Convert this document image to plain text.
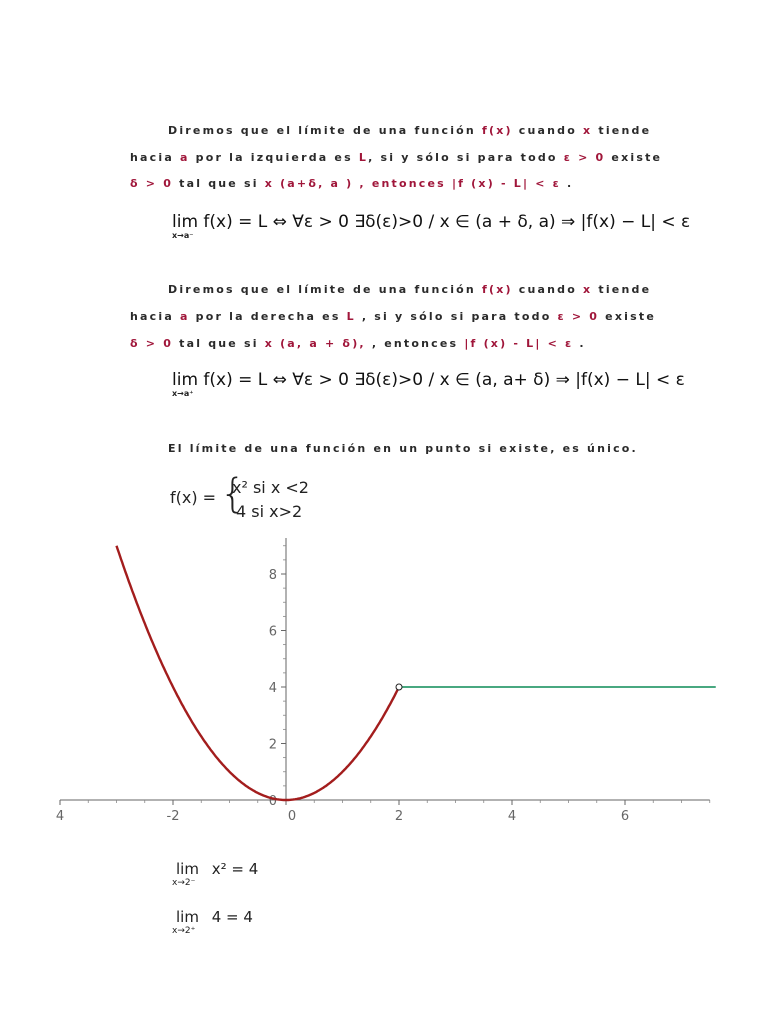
Diremos que el límite de una función f(x) cuando x tiende
hacia a por la izquierda es L, si y sólo si para todo ε > 0 existe
δ > 0 tal que si x (a+δ, a ) , entonces |f (x) - L| < ε .
lim f(x) = L ⇔ ∀ε > 0 ∃δ(ε)>0 / x ∈ (a + δ, a) ⇒ |f(x) − L| < ε
x→a⁻
Diremos que el límite de una función f(x) cuando x tiende
hacia a por la derecha es L , si y sólo si para todo ε > 0 existe
δ > 0 tal que si x (a, a + δ), , entonces |f (x) - L| < ε .
lim f(x) = L ⇔ ∀ε > 0 ∃δ(ε)>0 / x ∈ (a, a+ δ) ⇒ |f(x) − L| < ε
x→a⁺
El límite de una función en un punto si existe, es único.
f(x) = {
x² si x <2
4 si x>2
4	-2	0	2	4	6
0
2
4
6
8
lim x² = 4
x→2⁻
lim 4 = 4
x→2⁺
